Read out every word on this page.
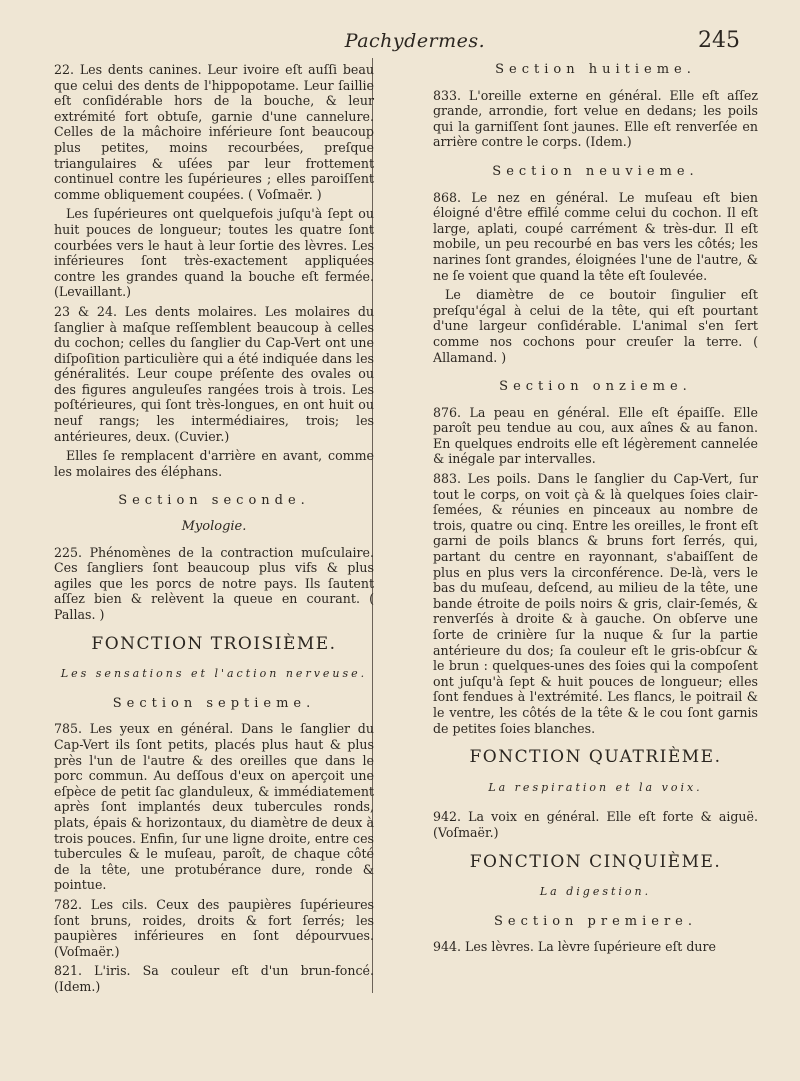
Pachydermes.	245

22. Les dents canines. Leur ivoire eſt auſſi beau que celui des dents de l'hippopotame. Leur ſaillie eſt conſidérable hors de la bouche, & leur extrémité fort obtuſe, garnie d'une cannelure. Celles de la mâchoire inférieure ſont beaucoup plus petites, moins recourbées, preſque triangulaires & uſées par leur frottement continuel contre les ſupérieures ; elles paroiſſent comme obliquement coupées. ( Voſmaër. )

Les ſupérieures ont quelquefois juſqu'à ſept ou huit pouces de longueur; toutes les quatre ſont courbées vers le haut à leur ſortie des lèvres. Les inférieures ſont très-exactement appliquées contre les grandes quand la bouche eſt fermée. (Levaillant.)

23 & 24. Les dents molaires. Les molaires du ſanglier à maſque reſſemblent beaucoup à celles du cochon; celles du ſanglier du Cap-Vert ont une diſpoſition particulière qui a été indiquée dans les généralités. Leur coupe préſente des ovales ou des figures anguleuſes rangées trois à trois. Les poſtérieures, qui ſont très-longues, en ont huit ou neuf rangs; les intermédiaires, trois; les antérieures, deux. (Cuvier.)

Elles ſe remplacent d'arrière en avant, comme les molaires des éléphans.

Section seconde.
Myologie.

225. Phénomènes de la contraction muſculaire. Ces ſangliers ſont beaucoup plus vifs & plus agiles que les porcs de notre pays. Ils ſautent aſſez bien & relèvent la queue en courant. ( Pallas. )

FONCTION TROISIÈME.
Les sensations et l'action nerveuse.
Section septieme.

785. Les yeux en général. Dans le ſanglier du Cap-Vert ils ſont petits, placés plus haut & plus près l'un de l'autre & des oreilles que dans le porc commun. Au deſſous d'eux on aperçoit une eſpèce de petit ſac glanduleux, & immédiatement après ſont implantés deux tubercules ronds, plats, épais & horizontaux, du diamètre de deux à trois pouces. Enfin, ſur une ligne droite, entre ces tubercules & le muſeau, paroît, de chaque côté de la tête, une protubérance dure, ronde & pointue.

782. Les cils. Ceux des paupières ſupérieures ſont bruns, roides, droits & fort ſerrés; les paupières inférieures en ſont dépourvues. (Voſmaër.)

821. L'iris. Sa couleur eſt d'un brun-foncé. (Idem.)

Section huitieme.

833. L'oreille externe en général. Elle eſt aſſez grande, arrondie, fort velue en dedans; les poils qui la garniſſent ſont jaunes. Elle eſt renverſée en arrière contre le corps. (Idem.)

Section neuvieme.

868. Le nez en général. Le muſeau eſt bien éloigné d'être effilé comme celui du cochon. Il eſt large, aplati, coupé carrément & très-dur. Il eſt mobile, un peu recourbé en bas vers les côtés; les narines ſont grandes, éloignées l'une de l'autre, & ne ſe voient que quand la tête eſt ſoulevée.

Le diamètre de ce boutoir ſingulier eſt preſqu'égal à celui de la tête, qui eſt pourtant d'une largeur conſidérable. L'animal s'en ſert comme nos cochons pour creuſer la terre. ( Allamand. )

Section onzieme.

876. La peau en général. Elle eſt épaiſſe. Elle paroît peu tendue au cou, aux aînes & au fanon. En quelques endroits elle eſt légèrement cannelée & inégale par intervalles.

883. Les poils. Dans le ſanglier du Cap-Vert, ſur tout le corps, on voit çà & là quelques ſoies clair-ſemées, & réunies en pinceaux au nombre de trois, quatre ou cinq. Entre les oreilles, le front eſt garni de poils blancs & bruns fort ſerrés, qui, partant du centre en rayonnant, s'abaiſſent de plus en plus vers la circonférence. De-là, vers le bas du muſeau, deſcend, au milieu de la tête, une bande étroite de poils noirs & gris, clair-ſemés, & renverſés à droite & à gauche. On obſerve une ſorte de crinière ſur la nuque & ſur la partie antérieure du dos; ſa couleur eſt le gris-obſcur & le brun : quelques-unes des ſoies qui la compoſent ont juſqu'à ſept & huit pouces de longueur; elles ſont fendues à l'extrémité. Les flancs, le poitrail & le ventre, les côtés de la tête & le cou ſont garnis de petites ſoies blanches.

FONCTION QUATRIÈME.
La respiration et la voix.

942. La voix en général. Elle eſt forte & aiguë. (Voſmaër.)

FONCTION CINQUIÈME.
La digestion.
Section premiere.

944. Les lèvres. La lèvre ſupérieure eſt dure
